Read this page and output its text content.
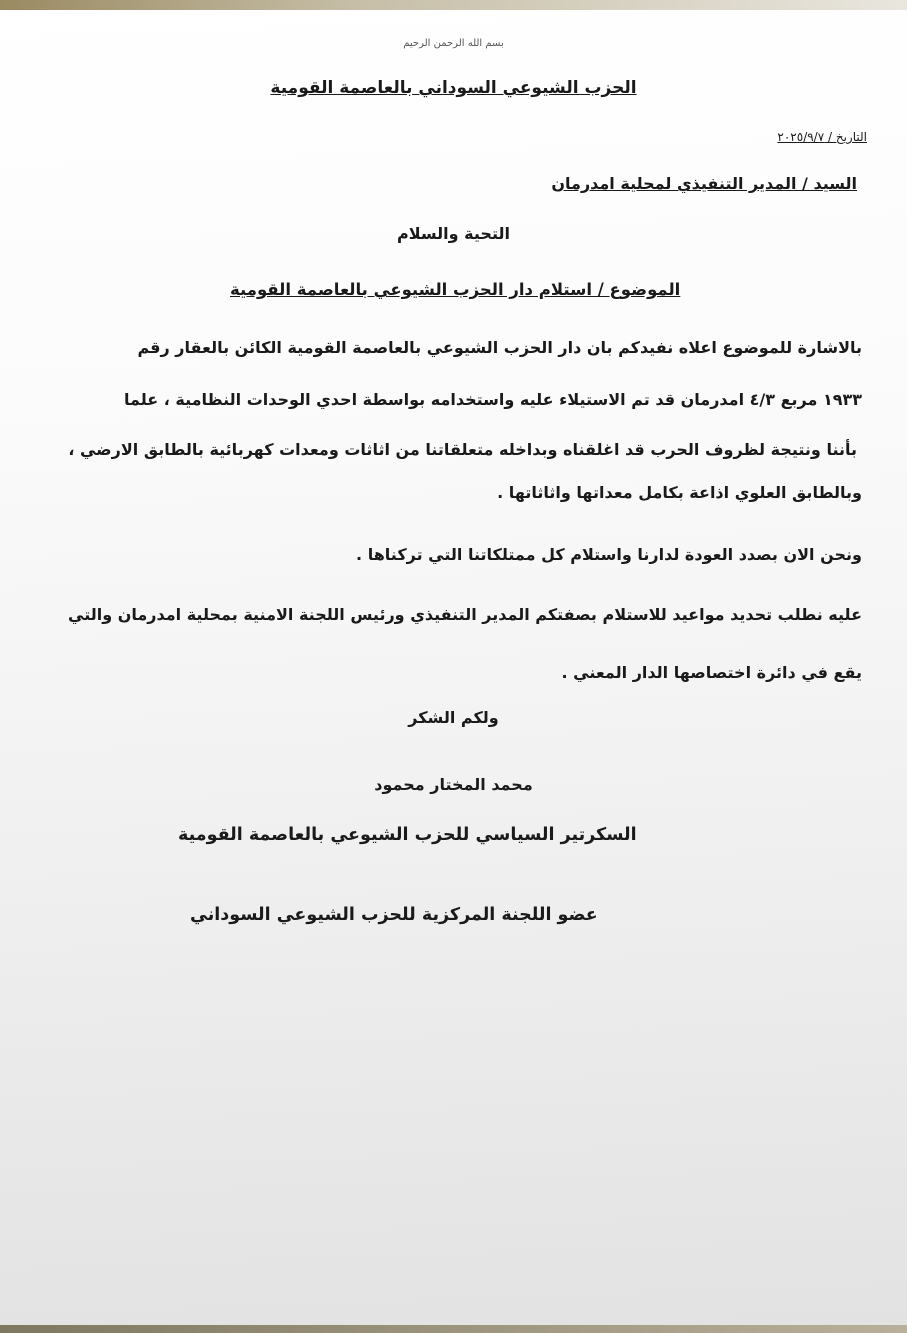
بسم الله الرحمن الرحيم
الحزب الشيوعي السوداني بالعاصمة القومية
التاريخ / ٢٠٢٥/٩/٧
السيد / المدير التنفيذي لمحلية امدرمان
التحية والسلام
الموضوع / استلام دار الحزب الشيوعي بالعاصمة القومية
بالاشارة للموضوع اعلاه نفيدكم بان دار الحزب الشيوعي بالعاصمة القومية الكائن بالعقار رقم
١٩٣٣ مربع ٤/٣ امدرمان قد تم الاستيلاء عليه واستخدامه بواسطة احدي الوحدات النظامية ، علما
بأننا ونتيجة لظروف الحرب قد اغلقناه وبداخله متعلقاتنا من اثاثات ومعدات كهربائية بالطابق الارضي ،
وبالطابق العلوي اذاعة بكامل معداتها واثاثاتها .
ونحن الان بصدد العودة لدارنا واستلام كل ممتلكاتنا التي تركناها .
عليه نطلب تحديد مواعيد للاستلام بصفتكم المدير التنفيذي ورئيس اللجنة الامنية بمحلية امدرمان والتي
يقع في دائرة اختصاصها الدار المعني .
ولكم الشكر
محمد المختار محمود
السكرتير السياسي للحزب الشيوعي بالعاصمة القومية
عضو اللجنة المركزية للحزب الشيوعي السوداني
